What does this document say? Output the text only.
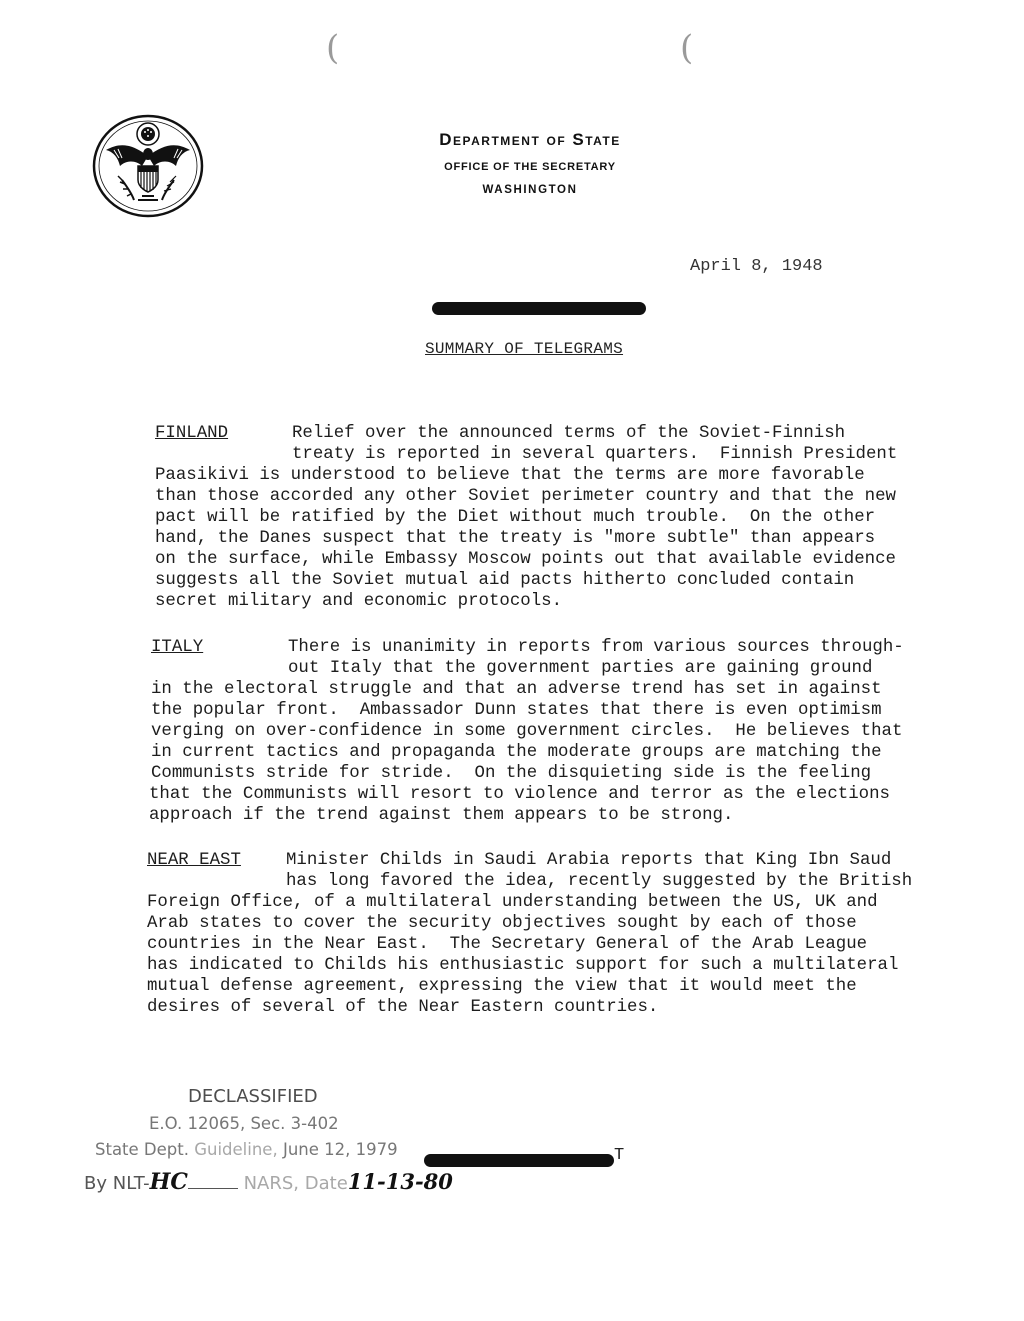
(	(
Department of State
OFFICE OF THE SECRETARY
WASHINGTON
April 8, 1948
SUMMARY OF TELEGRAMS
FINLAND	Relief over the announced terms of the Soviet-Finnish
treaty is reported in several quarters.  Finnish President
Paasikivi is understood to believe that the terms are more favorable
than those accorded any other Soviet perimeter country and that the new
pact will be ratified by the Diet without much trouble.  On the other
hand, the Danes suspect that the treaty is "more subtle" than appears
on the surface, while Embassy Moscow points out that available evidence
suggests all the Soviet mutual aid pacts hitherto concluded contain
secret military and economic protocols.
ITALY	There is unanimity in reports from various sources through-
out Italy that the government parties are gaining ground
in the electoral struggle and that an adverse trend has set in against
the popular front.  Ambassador Dunn states that there is even optimism
verging on over-confidence in some government circles.  He believes that
in current tactics and propaganda the moderate groups are matching the
Communists stride for stride.  On the disquieting side is the feeling
that the Communists will resort to violence and terror as the elections
approach if the trend against them appears to be strong.
NEAR EAST	Minister Childs in Saudi Arabia reports that King Ibn Saud
has long favored the idea, recently suggested by the British
Foreign Office, of a multilateral understanding between the US, UK and
Arab states to cover the security objectives sought by each of those
countries in the Near East.  The Secretary General of the Arab League
has indicated to Childs his enthusiastic support for such a multilateral
mutual defense agreement, expressing the view that it would meet the
desires of several of the Near Eastern countries.
DECLASSIFIED
E.O. 12065, Sec. 3-402
State Dept. Guideline, June 12, 1979
By NLT-HC	NARS, Date11-13-80
T
